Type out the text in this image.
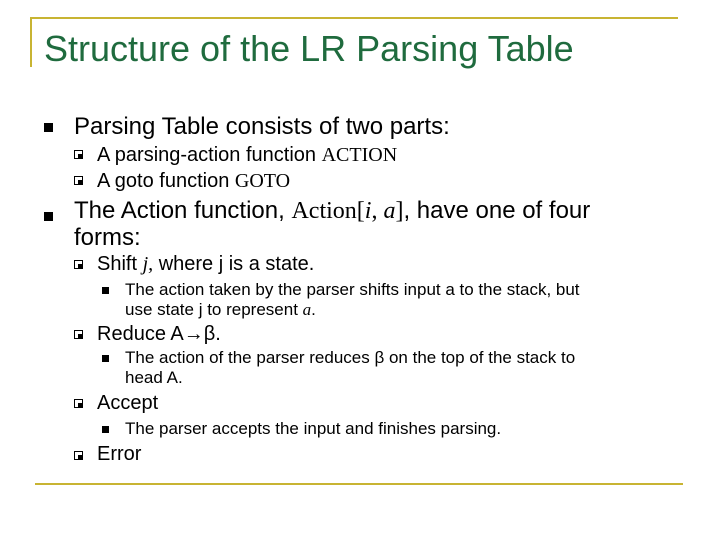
Structure of the LR Parsing Table
Parsing Table consists of two parts:
A parsing-action function ACTION
A goto function GOTO
The Action function, Action[i, a], have one of four
forms:
Shift j, where j is a state.
The action taken by the parser shifts input a to the stack, but
use state j to represent a.
Reduce A→β.
The action of the parser reduces β on the top of the stack to
head A.
Accept
The parser accepts the input and finishes parsing.
Error
